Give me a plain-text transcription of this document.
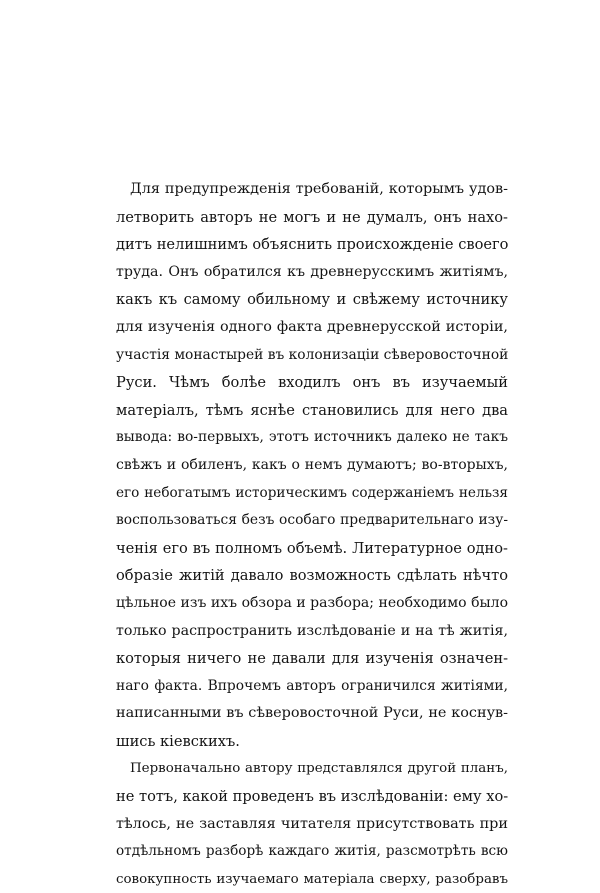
Для предупрежденія требованій, которымъ удов-
летворить авторъ не могъ и не думалъ, онъ нахо-
дитъ нелишнимъ объяснить происхожденіе своего
труда. Онъ обратился къ древнерусскимъ житіямъ,
какъ къ самому обильному и свѣжему источнику
для изученія одного факта древнерусской исторіи,
участія монастырей въ колонизаціи сѣверовосточной
Руси. Чѣмъ болѣе входилъ онъ въ изучаемый
матеріалъ, тѣмъ яснѣе становились для него два
вывода: во-первыхъ, этотъ источникъ далеко не такъ
свѣжъ и обиленъ, какъ о немъ думаютъ; во-вторыхъ,
его небогатымъ историческимъ содержаніемъ нельзя
воспользоваться безъ особаго предварительнаго изу-
ченія его въ полномъ объемѣ. Литературное одно-
образіе житій давало возможность сдѣлать нѣчто
цѣльное изъ ихъ обзора и разбора; необходимо было
только распространить изслѣдованіе и на тѣ житія,
которыя ничего не давали для изученія означен-
наго факта. Впрочемъ авторъ ограничился житіями,
написанными въ сѣверовосточной Руси, не коснув-
шись кіевскихъ.
Первоначально автору представлялся другой планъ,
не тотъ, какой проведенъ въ изслѣдованіи: ему хо-
тѣлось, не заставляя читателя присутствовать при
отдѣльномъ разборѣ каждаго житія, разсмотрѣть всю
совокупность изучаемаго матеріала сверху, разобравъ
